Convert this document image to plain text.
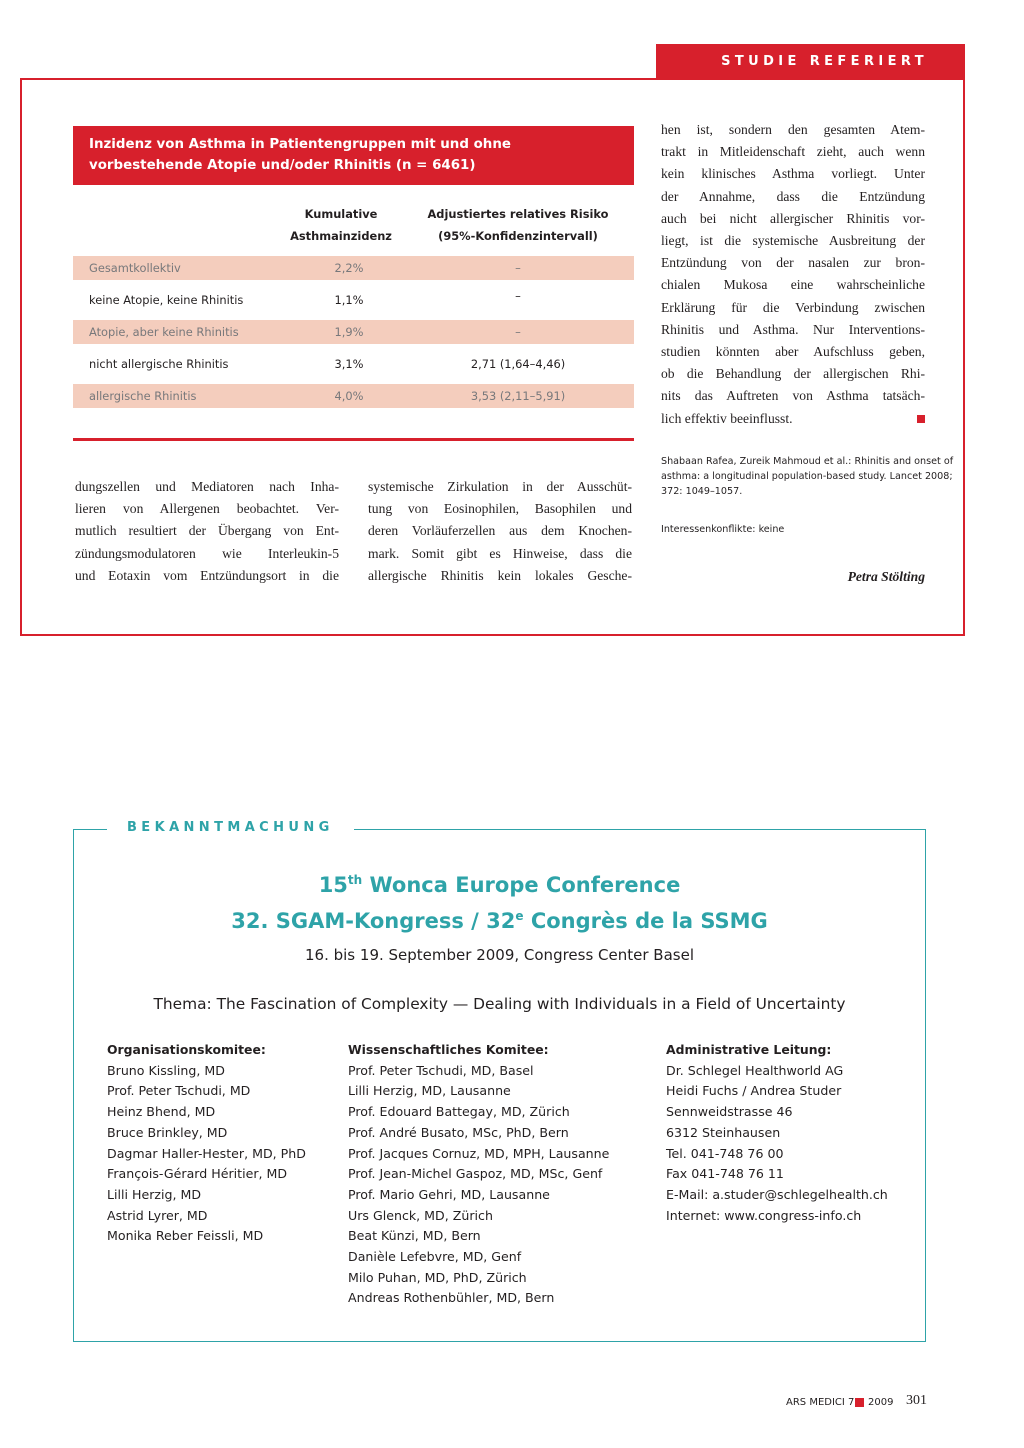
STUDIE REFERIERT
Inzidenz von Asthma in Patientengruppen mit und ohne
vorbestehende Atopie und/oder Rhinitis (n = 6461)
Kumulative
Asthmainzidenz
Adjustiertes relatives Risiko
(95%-Konfidenzintervall)
Gesamtkollektiv	2,2%	–
keine Atopie, keine Rhinitis	1,1%	–
Atopie, aber keine Rhinitis	1,9%	–
nicht allergische Rhinitis	3,1%	2,71 (1,64–4,46)
allergische Rhinitis	4,0%	3,53 (2,11–5,91)
dungszellen und Mediatoren nach Inha-
lieren von Allergenen beobachtet. Ver-
mutlich resultiert der Übergang von Ent-
zündungsmodulatoren wie Interleukin-5
und Eotaxin vom Entzündungsort in die
systemische Zirkulation in der Ausschüt-
tung von Eosinophilen, Basophilen und
deren Vorläuferzellen aus dem Knochen-
mark. Somit gibt es Hinweise, dass die
allergische Rhinitis kein lokales Gesche-
hen ist, sondern den gesamten Atem-
trakt in Mitleidenschaft zieht, auch wenn
kein klinisches Asthma vorliegt. Unter
der Annahme, dass die Entzündung
auch bei nicht allergischer Rhinitis vor-
liegt, ist die systemische Ausbreitung der
Entzündung von der nasalen zur bron-
chialen Mukosa eine wahrscheinliche
Erklärung für die Verbindung zwischen
Rhinitis und Asthma. Nur Interventions-
studien könnten aber Aufschluss geben,
ob die Behandlung der allergischen Rhi-
nits das Auftreten von Asthma tatsäch-
lich effektiv beeinflusst.
Shabaan Rafea, Zureik Mahmoud et al.: Rhinitis and onset of
asthma: a longitudinal population-based study. Lancet 2008;
372: 1049–1057.
Interessenkonflikte: keine
Petra Stölting
BEKANNTMACHUNG
15th Wonca Europe Conference
32. SGAM-Kongress / 32e Congrès de la SSMG
16. bis 19. September 2009, Congress Center Basel
Thema: The Fascination of Complexity — Dealing with Individuals in a Field of Uncertainty
Organisationskomitee:
Bruno Kissling, MD
Prof. Peter Tschudi, MD
Heinz Bhend, MD
Bruce Brinkley, MD
Dagmar Haller-Hester, MD, PhD
François-Gérard Héritier, MD
Lilli Herzig, MD
Astrid Lyrer, MD
Monika Reber Feissli, MD
Wissenschaftliches Komitee:
Prof. Peter Tschudi, MD, Basel
Lilli Herzig, MD, Lausanne
Prof. Edouard Battegay, MD, Zürich
Prof. André Busato, MSc, PhD, Bern
Prof. Jacques Cornuz, MD, MPH, Lausanne
Prof. Jean-Michel Gaspoz, MD, MSc, Genf
Prof. Mario Gehri, MD, Lausanne
Urs Glenck, MD, Zürich
Beat Künzi, MD, Bern
Danièle Lefebvre, MD, Genf
Milo Puhan, MD, PhD, Zürich
Andreas Rothenbühler, MD, Bern
Administrative Leitung:
Dr. Schlegel Healthworld AG
Heidi Fuchs / Andrea Studer
Sennweidstrasse 46
6312 Steinhausen
Tel. 041-748 76 00
Fax 041-748 76 11
E-Mail: a.studer@schlegelhealth.ch
Internet: www.congress-info.ch
ARS MEDICI 7 2009 301
